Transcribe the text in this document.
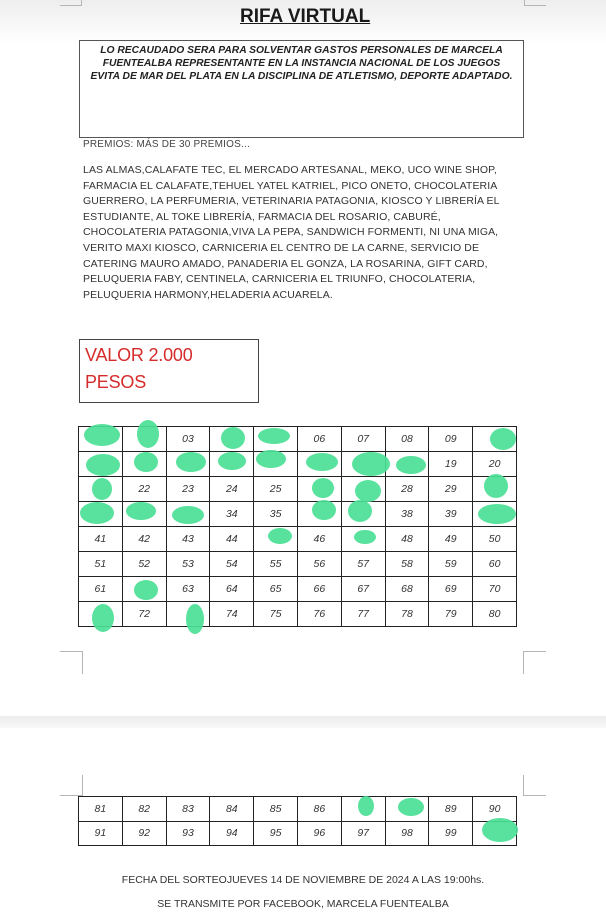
RIFA VIRTUAL
LO RECAUDADO SERA PARA SOLVENTAR GASTOS PERSONALES DE MARCELA FUENTEALBA REPRESENTANTE EN LA INSTANCIA NACIONAL DE LOS JUEGOS EVITA DE MAR DEL PLATA EN LA DISCIPLINA DE ATLETISMO, DEPORTE ADAPTADO.
PREMIOS: MÁS DE 30 PREMIOS...
LAS ALMAS,CALAFATE TEC, EL MERCADO ARTESANAL, MEKO, UCO WINE SHOP, FARMACIA EL CALAFATE,TEHUEL YATEL KATRIEL, PICO ONETO, CHOCOLATERIA GUERRERO, LA PERFUMERIA, VETERINARIA PATAGONIA, KIOSCO Y LIBRERÍA EL ESTUDIANTE, AL TOKE LIBRERÍA, FARMACIA DEL ROSARIO, CABURÉ, CHOCOLATERIA PATAGONIA,VIVA LA PEPA, SANDWICH FORMENTI, NI UNA MIGA, VERITO MAXI KIOSCO, CARNICERIA EL CENTRO DE LA CARNE, SERVICIO DE CATERING MAURO AMADO, PANADERIA EL GONZA, LA ROSARINA, GIFT CARD, PELUQUERIA FABY, CENTINELA, CARNICERIA EL TRIUNFO, CHOCOLATERIA, PELUQUERIA HARMONY,HELADERIA ACUARELA.
VALOR 2.000
PESOS
		03			06	07	08	09	
								19	20
	22	23	24	25			28	29	
			34	35			38	39	
41	42	43	44		46		48	49	50
51	52	53	54	55	56	57	58	59	60
61		63	64	65	66	67	68	69	70
	72		74	75	76	77	78	79	80
81	82	83	84	85	86			89	90
91	92	93	94	95	96	97	98	99	
FECHA DEL SORTEOJUEVES 14 DE NOVIEMBRE DE 2024 A LAS 19:00hs.
SE TRANSMITE POR FACEBOOK, MARCELA FUENTEALBA
